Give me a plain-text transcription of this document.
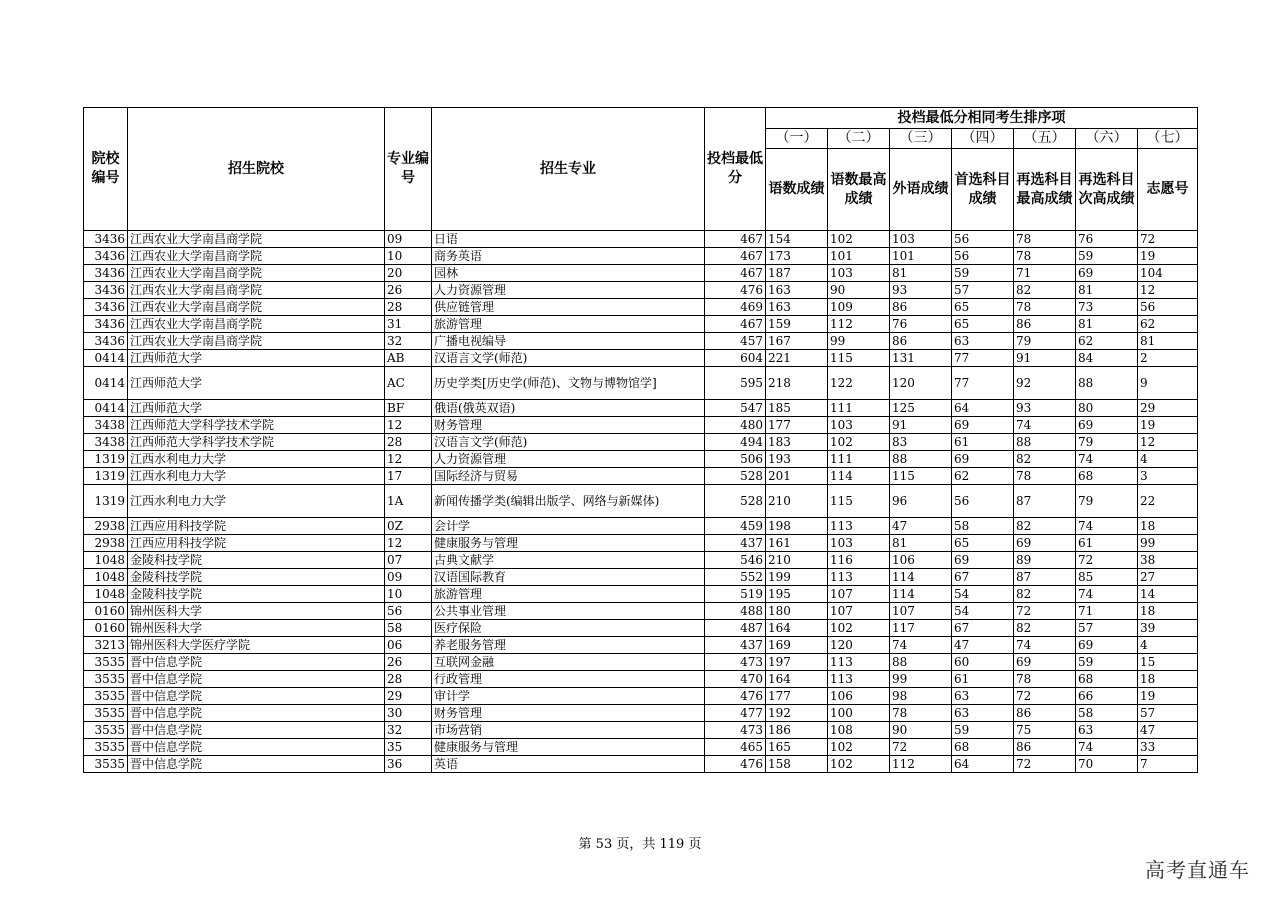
院校编号	招生院校	专业编号	招生专业	投档最低分	投档最低分相同考生排序项						
					（一）	（二）	（三）	（四）	（五）	（六）	（七）
					语数成绩	语数最高成绩	外语成绩	首选科目成绩	再选科目最高成绩	再选科目次高成绩	志愿号
3436	江西农业大学南昌商学院	09	日语	467	154	102	103	56	78	76	72
3436	江西农业大学南昌商学院	10	商务英语	467	173	101	101	56	78	59	19
3436	江西农业大学南昌商学院	20	园林	467	187	103	81	59	71	69	104
3436	江西农业大学南昌商学院	26	人力资源管理	476	163	90	93	57	82	81	12
3436	江西农业大学南昌商学院	28	供应链管理	469	163	109	86	65	78	73	56
3436	江西农业大学南昌商学院	31	旅游管理	467	159	112	76	65	86	81	62
3436	江西农业大学南昌商学院	32	广播电视编导	457	167	99	86	63	79	62	81
0414	江西师范大学	AB	汉语言文学(师范)	604	221	115	131	77	91	84	2
0414	江西师范大学	AC	历史学类[历史学(师范)、文物与博物馆学]	595	218	122	120	77	92	88	9
0414	江西师范大学	BF	俄语(俄英双语)	547	185	111	125	64	93	80	29
3438	江西师范大学科学技术学院	12	财务管理	480	177	103	91	69	74	69	19
3438	江西师范大学科学技术学院	28	汉语言文学(师范)	494	183	102	83	61	88	79	12
1319	江西水利电力大学	12	人力资源管理	506	193	111	88	69	82	74	4
1319	江西水利电力大学	17	国际经济与贸易	528	201	114	115	62	78	68	3
1319	江西水利电力大学	1A	新闻传播学类(编辑出版学、网络与新媒体)	528	210	115	96	56	87	79	22
2938	江西应用科技学院	0Z	会计学	459	198	113	47	58	82	74	18
2938	江西应用科技学院	12	健康服务与管理	437	161	103	81	65	69	61	99
1048	金陵科技学院	07	古典文献学	546	210	116	106	69	89	72	38
1048	金陵科技学院	09	汉语国际教育	552	199	113	114	67	87	85	27
1048	金陵科技学院	10	旅游管理	519	195	107	114	54	82	74	14
0160	锦州医科大学	56	公共事业管理	488	180	107	107	54	72	71	18
0160	锦州医科大学	58	医疗保险	487	164	102	117	67	82	57	39
3213	锦州医科大学医疗学院	06	养老服务管理	437	169	120	74	47	74	69	4
3535	晋中信息学院	26	互联网金融	473	197	113	88	60	69	59	15
3535	晋中信息学院	28	行政管理	470	164	113	99	61	78	68	18
3535	晋中信息学院	29	审计学	476	177	106	98	63	72	66	19
3535	晋中信息学院	30	财务管理	477	192	100	78	63	86	58	57
3535	晋中信息学院	32	市场营销	473	186	108	90	59	75	63	47
3535	晋中信息学院	35	健康服务与管理	465	165	102	72	68	86	74	33
3535	晋中信息学院	36	英语	476	158	102	112	64	72	70	7
第 53 页，共 119 页
高考直通车
